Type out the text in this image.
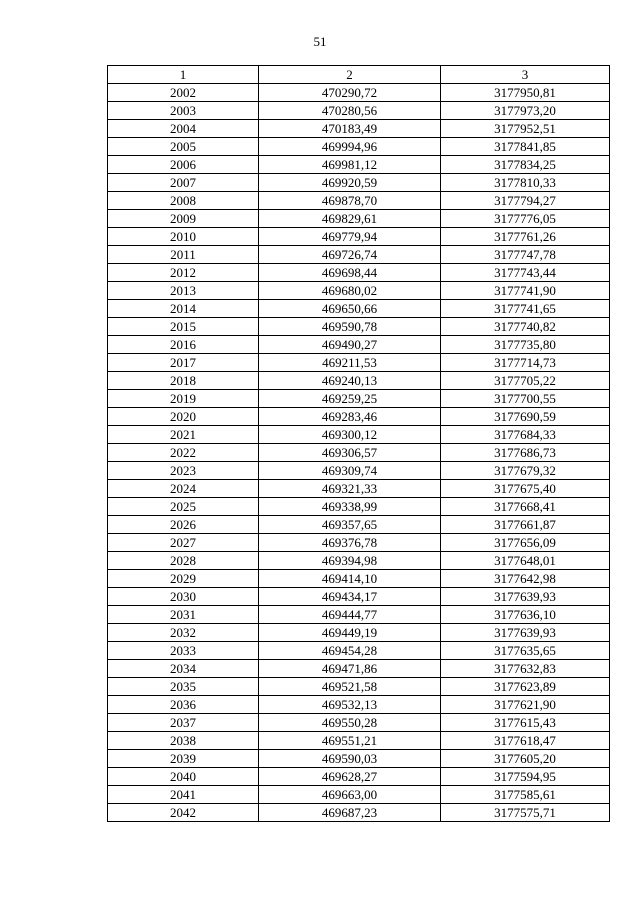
51
1	2	3
2002	470290,72	3177950,81
2003	470280,56	3177973,20
2004	470183,49	3177952,51
2005	469994,96	3177841,85
2006	469981,12	3177834,25
2007	469920,59	3177810,33
2008	469878,70	3177794,27
2009	469829,61	3177776,05
2010	469779,94	3177761,26
2011	469726,74	3177747,78
2012	469698,44	3177743,44
2013	469680,02	3177741,90
2014	469650,66	3177741,65
2015	469590,78	3177740,82
2016	469490,27	3177735,80
2017	469211,53	3177714,73
2018	469240,13	3177705,22
2019	469259,25	3177700,55
2020	469283,46	3177690,59
2021	469300,12	3177684,33
2022	469306,57	3177686,73
2023	469309,74	3177679,32
2024	469321,33	3177675,40
2025	469338,99	3177668,41
2026	469357,65	3177661,87
2027	469376,78	3177656,09
2028	469394,98	3177648,01
2029	469414,10	3177642,98
2030	469434,17	3177639,93
2031	469444,77	3177636,10
2032	469449,19	3177639,93
2033	469454,28	3177635,65
2034	469471,86	3177632,83
2035	469521,58	3177623,89
2036	469532,13	3177621,90
2037	469550,28	3177615,43
2038	469551,21	3177618,47
2039	469590,03	3177605,20
2040	469628,27	3177594,95
2041	469663,00	3177585,61
2042	469687,23	3177575,71
